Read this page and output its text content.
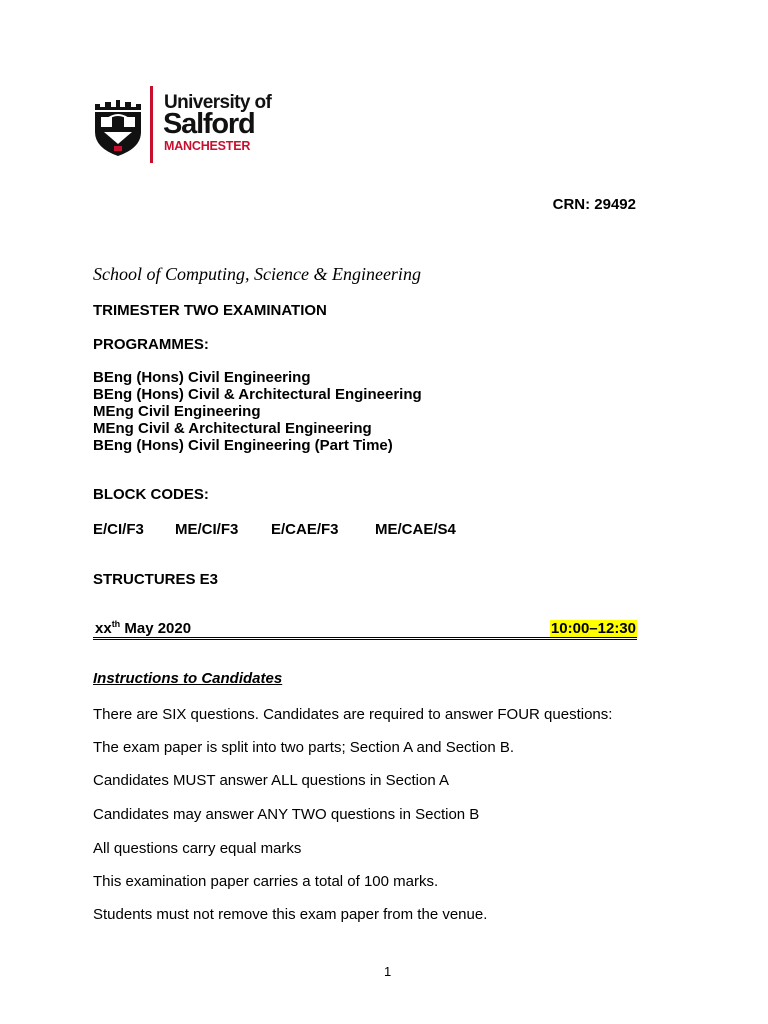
University of
Salford
MANCHESTER
CRN: 29492
School of Computing, Science & Engineering
TRIMESTER TWO EXAMINATION
PROGRAMMES:
BEng (Hons) Civil Engineering
BEng (Hons) Civil & Architectural Engineering
MEng Civil Engineering
MEng Civil & Architectural Engineering
BEng (Hons) Civil Engineering (Part Time)
BLOCK CODES:
E/CI/F3 ME/CI/F3 E/CAE/F3 ME/CAE/S4
STRUCTURES E3
$xx^{th}$ May 2020	10:00–12:30
Instructions to Candidates
There are SIX questions. Candidates are required to answer FOUR questions:
The exam paper is split into two parts; Section A and Section B.
Candidates MUST answer ALL questions in Section A
Candidates may answer ANY TWO questions in Section B
All questions carry equal marks
This examination paper carries a total of 100 marks.
Students must not remove this exam paper from the venue.
1
